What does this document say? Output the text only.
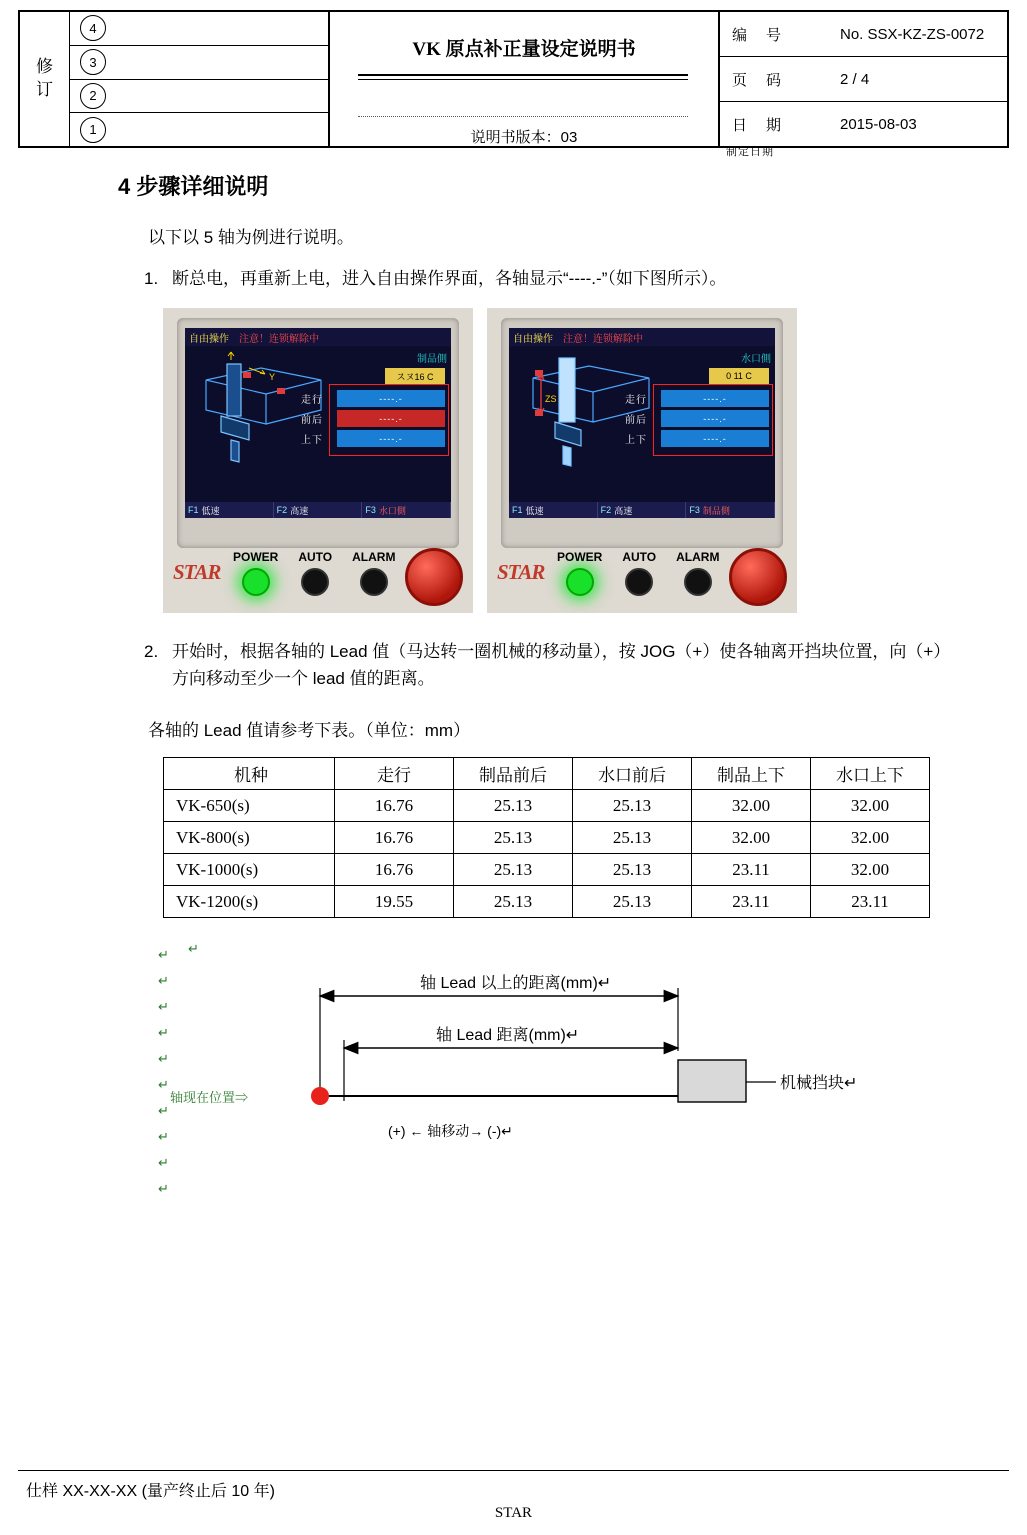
修
订
4
3
2
1
VK 原点补正量设定说明书
说明书版本：03
编　号	No. SSX-KZ-ZS-0072
页　码	2 / 4
日　期	2015-08-03
制定日期
4 步骤详细说明
以下以 5 轴为例进行说明。
1. 断总电，再重新上电，进入自由操作界面，各轴显示“----.-”（如下图所示）。
自由操作 注意！连锁解除中
制品側
Y	スヌ16 C
走行	----.-
前后	----.-
上下	----.-
F1 低速	F2 高速	F3 水口側
STAR
POWER AUTO ALARM
自由操作 注意！连锁解除中
水口側
ZS
0 11 C
走行	----.-
前后	----.-
上下	----.-
F1 低速	F2 高速	F3 制品側
STAR
POWER AUTO ALARM
2. 开始时，根据各轴的 Lead 值（马达转一圈机械的移动量），按 JOG（+）使各轴离开挡块位置，向（+）方向移动至少一个 lead 值的距离。
各轴的 Lead 值请参考下表。（单位：mm）
机种	走行	制品前后	水口前后	制品上下	水口上下
VK-650(s)	16.76	25.13	25.13	32.00	32.00
VK-800(s)	16.76	25.13	25.13	32.00	32.00
VK-1000(s)	16.76	25.13	25.13	23.11	32.00
VK-1200(s)	19.55	25.13	25.13	23.11	23.11
↵
↵
↵
↵
↵
↵
↵
↵
↵
↵
↵
轴 Lead 以上的距离(mm)↵
轴 Lead 距离(mm)↵
轴现在位置⇒
机械挡块↵
(+) ← 轴移动→ (-)↵
仕样 XX-XX-XX (量产终止后 10 年)
STAR
